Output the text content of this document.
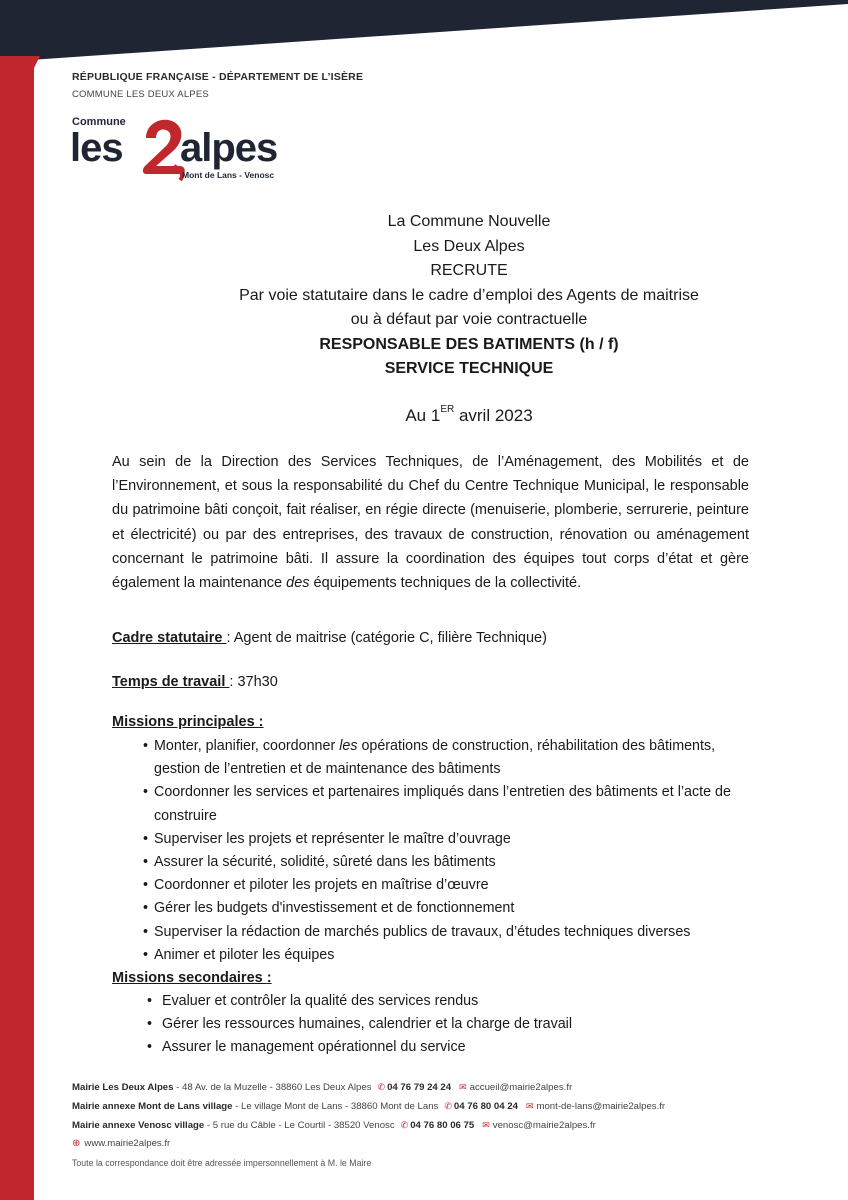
RÉPUBLIQUE FRANÇAISE - DÉPARTEMENT DE L’ISÈRE
COMMUNE LES DEUX ALPES
Commune
les alpes
Mont de Lans - Venosc
La Commune Nouvelle
Les Deux Alpes
RECRUTE
Par voie statutaire dans le cadre d’emploi des Agents de maitrise
ou à défaut par voie contractuelle
RESPONSABLE DES BATIMENTS (h / f)
SERVICE TECHNIQUE
Au 1ER avril 2023
Au sein de la Direction des Services Techniques, de l’Aménagement, des Mobilités et de l’Environnement, et sous la responsabilité du Chef du Centre Technique Municipal, le responsable du patrimoine bâti conçoit, fait réaliser, en régie directe (menuiserie, plomberie, serrurerie, peinture et électricité) ou par des entreprises, des travaux de construction, rénovation ou aménagement concernant le patrimoine bâti. Il assure la coordination des équipes tout corps d’état et gère également la maintenance des équipements techniques de la collectivité.
Cadre statutaire : Agent de maitrise (catégorie C, filière Technique)
Temps de travail : 37h30
Missions principales :
• Monter, planifier, coordonner les opérations de construction, réhabilitation des bâtiments,
gestion de l’entretien et de maintenance des bâtiments
• Coordonner les services et partenaires impliqués dans l’entretien des bâtiments et l’acte de
construire
• Superviser les projets et représenter le maître d’ouvrage
• Assurer la sécurité, solidité, sûreté dans les bâtiments
• Coordonner et piloter les projets en maîtrise d’œuvre
• Gérer les budgets d'investissement et de fonctionnement
• Superviser la rédaction de marchés publics de travaux, d’études techniques diverses
• Animer et piloter les équipes
Missions secondaires :
• Evaluer et contrôler la qualité des services rendus
• Gérer les ressources humaines, calendrier et la charge de travail
• Assurer le management opérationnel du service
Mairie Les Deux Alpes - 48 Av. de la Muzelle - 38860 Les Deux Alpes ✆ 04 76 79 24 24 ✉ accueil@mairie2alpes.fr
Mairie annexe Mont de Lans village - Le village Mont de Lans - 38860 Mont de Lans ✆ 04 76 80 04 24 ✉ mont-de-lans@mairie2alpes.fr
Mairie annexe Venosc village - 5 rue du Câble - Le Courtil - 38520 Venosc ✆ 04 76 80 06 75 ✉ venosc@mairie2alpes.fr
⊕ www.mairie2alpes.fr
Toute la correspondance doit être adressée impersonnellement à M. le Maire
